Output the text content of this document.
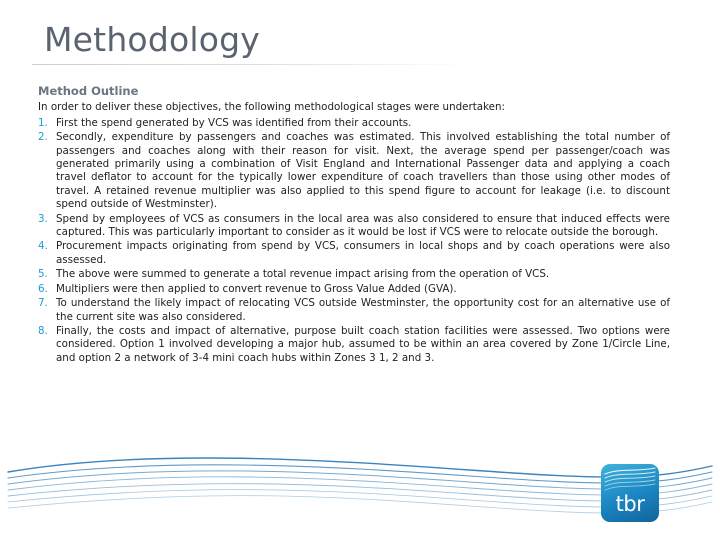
Methodology
Method Outline
In order to deliver these objectives, the following methodological stages were undertaken:
1. First the spend generated by VCS was identified from their accounts.
2. Secondly, expenditure by passengers and coaches was estimated. This involved establishing the total number of passengers and coaches along with their reason for visit. Next, the average spend per passenger/coach was generated primarily using a combination of Visit England and International Passenger data and applying a coach travel deflator to account for the typically lower expenditure of coach travellers than those using other modes of travel. A retained revenue multiplier was also applied to this spend figure to account for leakage (i.e. to discount spend outside of Westminster).
3. Spend by employees of VCS as consumers in the local area was also considered to ensure that induced effects were captured. This was particularly important to consider as it would be lost if VCS were to relocate outside the borough.
4. Procurement impacts originating from spend by VCS, consumers in local shops and by coach operations were also assessed.
5. The above were summed to generate a total revenue impact arising from the operation of VCS.
6. Multipliers were then applied to convert revenue to Gross Value Added (GVA).
7. To understand the likely impact of relocating VCS outside Westminster, the opportunity cost for an alternative use of the current site was also considered.
8. Finally, the costs and impact of alternative, purpose built coach station facilities were assessed. Two options were considered. Option 1 involved developing a major hub, assumed to be within an area covered by Zone 1/Circle Line, and option 2 a network of 3-4 mini coach hubs within Zones 3 1, 2 and 3.
tbr
